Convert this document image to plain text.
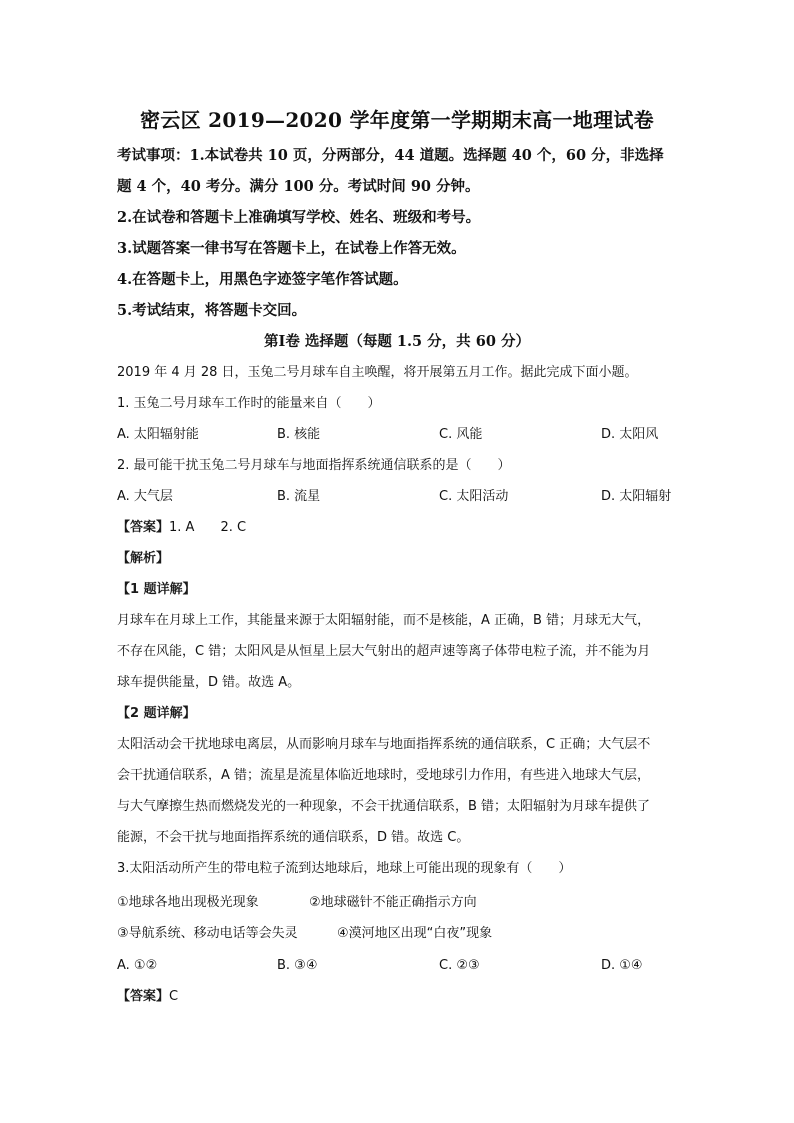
密云区 2019—2020 学年度第一学期期末高一地理试卷

考试事项：1.本试卷共 10 页，分两部分，44 道题。选择题 40 个，60 分，非选择

题 4 个，40 考分。满分 100 分。考试时间 90 分钟。

2.在试卷和答题卡上准确填写学校、姓名、班级和考号。

3.试题答案一律书写在答题卡上，在试卷上作答无效。

4.在答题卡上，用黑色字迹签字笔作答试题。

5.考试结束，将答题卡交回。

第Ⅰ卷 选择题（每题 1.5 分，共 60 分）

2019 年 4 月 28 日，玉兔二号月球车自主唤醒，将开展第五月工作。据此完成下面小题。

1. 玉兔二号月球车工作时的能量来自（　　）

A. 太阳辐射能	B. 核能	C. 风能	D. 太阳风

2. 最可能干扰玉兔二号月球车与地面指挥系统通信联系的是（　　）

A. 大气层	B. 流星	C. 太阳活动	D. 太阳辐射

【答案】1. A　　2. C

【解析】

【1 题详解】

月球车在月球上工作，其能量来源于太阳辐射能，而不是核能，A 正确，B 错；月球无大气，

不存在风能，C 错；太阳风是从恒星上层大气射出的超声速等离子体带电粒子流，并不能为月

球车提供能量，D 错。故选 A。

【2 题详解】

太阳活动会干扰地球电离层，从而影响月球车与地面指挥系统的通信联系，C 正确；大气层不

会干扰通信联系，A 错；流星是流星体临近地球时，受地球引力作用，有些进入地球大气层，

与大气摩擦生热而燃烧发光的一种现象，不会干扰通信联系，B 错；太阳辐射为月球车提供了

能源，不会干扰与地面指挥系统的通信联系，D 错。故选 C。

3.太阳活动所产生的带电粒子流到达地球后，地球上可能出现的现象有（　　）

①地球各地出现极光现象	②地球磁针不能正确指示方向
③导航系统、移动电话等会失灵	④漠河地区出现“白夜”现象
A. ①②	B. ③④	C. ②③	D. ①④

【答案】C
